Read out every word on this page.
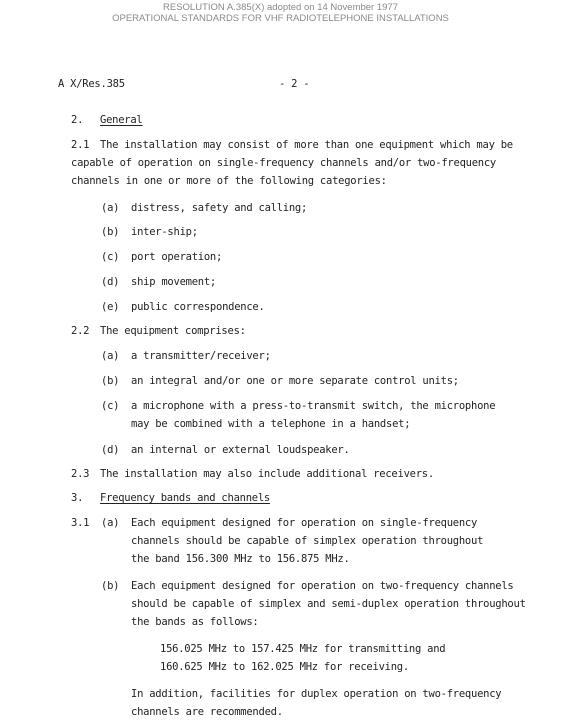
RESOLUTION A.385(X) adopted on 14 November 1977
OPERATIONAL STANDARDS FOR VHF RADIOTELEPHONE INSTALLATIONS
A X/Res.385	- 2 -
2. General
2.1 The installation may consist of more than one equipment which may be
capable of operation on single-frequency channels and/or two-frequency
channels in one or more of the following categories:
(a) distress, safety and calling;
(b) inter-ship;
(c) port operation;
(d) ship movement;
(e) public correspondence.
2.2 The equipment comprises:
(a) a transmitter/receiver;
(b) an integral and/or one or more separate control units;
(c) a microphone with a press-to-transmit switch, the microphone
may be combined with a telephone in a handset;
(d) an internal or external loudspeaker.
2.3 The installation may also include additional receivers.
3. Frequency bands and channels
3.1 (a) Each equipment designed for operation on single-frequency
channels should be capable of simplex operation throughout
the band 156.300 MHz to 156.875 MHz.
(b) Each equipment designed for operation on two-frequency channels
should be capable of simplex and semi-duplex operation throughout
the bands as follows:
156.025 MHz to 157.425 MHz for transmitting and
160.625 MHz to 162.025 MHz for receiving.
In addition, facilities for duplex operation on two-frequency
channels are recommended.
